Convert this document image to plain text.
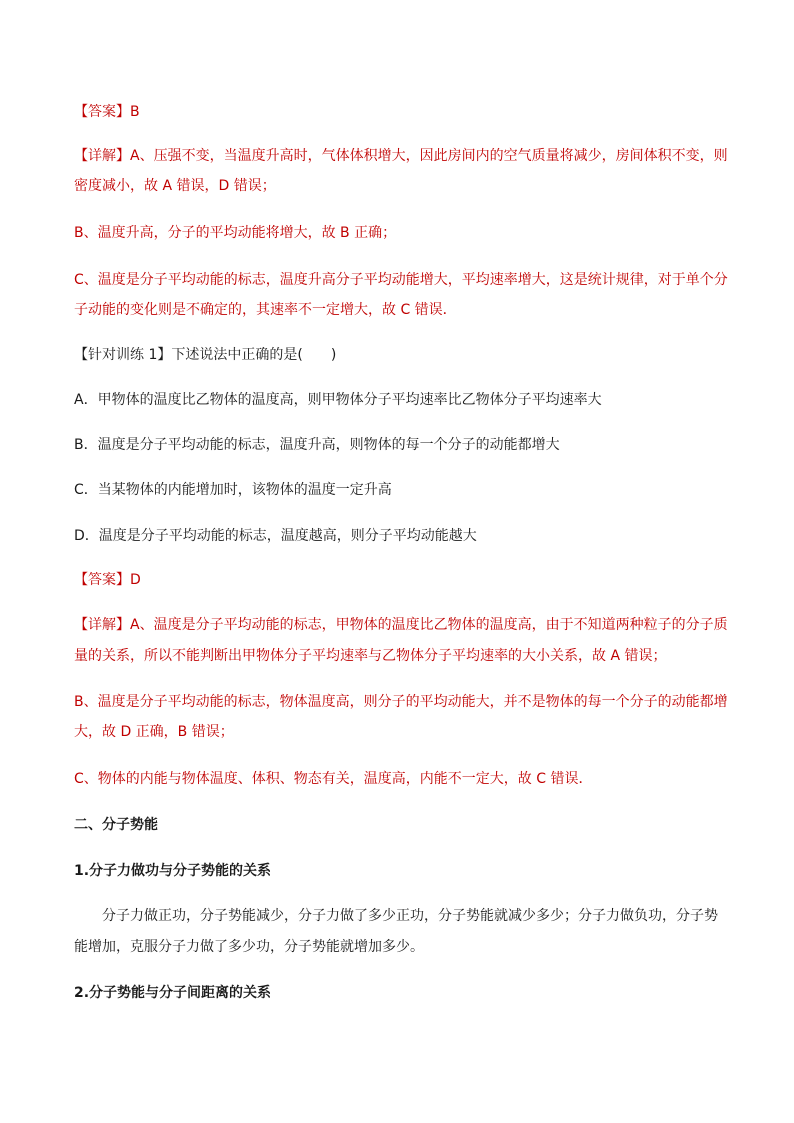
【答案】B
【详解】A、压强不变，当温度升高时，气体体积增大，因此房间内的空气质量将减少，房间体积不变，则
密度减小，故 A 错误，D 错误；
B、温度升高，分子的平均动能将增大，故 B 正确；
C、温度是分子平均动能的标志，温度升高分子平均动能增大，平均速率增大，这是统计规律，对于单个分
子动能的变化则是不确定的，其速率不一定增大，故 C 错误．
【针对训练 1】下述说法中正确的是(　　)
A．甲物体的温度比乙物体的温度高，则甲物体分子平均速率比乙物体分子平均速率大
B．温度是分子平均动能的标志，温度升高，则物体的每一个分子的动能都增大
C．当某物体的内能增加时，该物体的温度一定升高
D．温度是分子平均动能的标志，温度越高，则分子平均动能越大
【答案】D
【详解】A、温度是分子平均动能的标志，甲物体的温度比乙物体的温度高，由于不知道两种粒子的分子质
量的关系，所以不能判断出甲物体分子平均速率与乙物体分子平均速率的大小关系，故 A 错误；
B、温度是分子平均动能的标志，物体温度高，则分子的平均动能大，并不是物体的每一个分子的动能都增
大，故 D 正确，B 错误；
C、物体的内能与物体温度、体积、物态有关，温度高，内能不一定大，故 C 错误．
二、分子势能
1.分子力做功与分子势能的关系
分子力做正功，分子势能减少，分子力做了多少正功，分子势能就减少多少；分子力做负功，分子势
能增加，克服分子力做了多少功，分子势能就增加多少。
2.分子势能与分子间距离的关系
